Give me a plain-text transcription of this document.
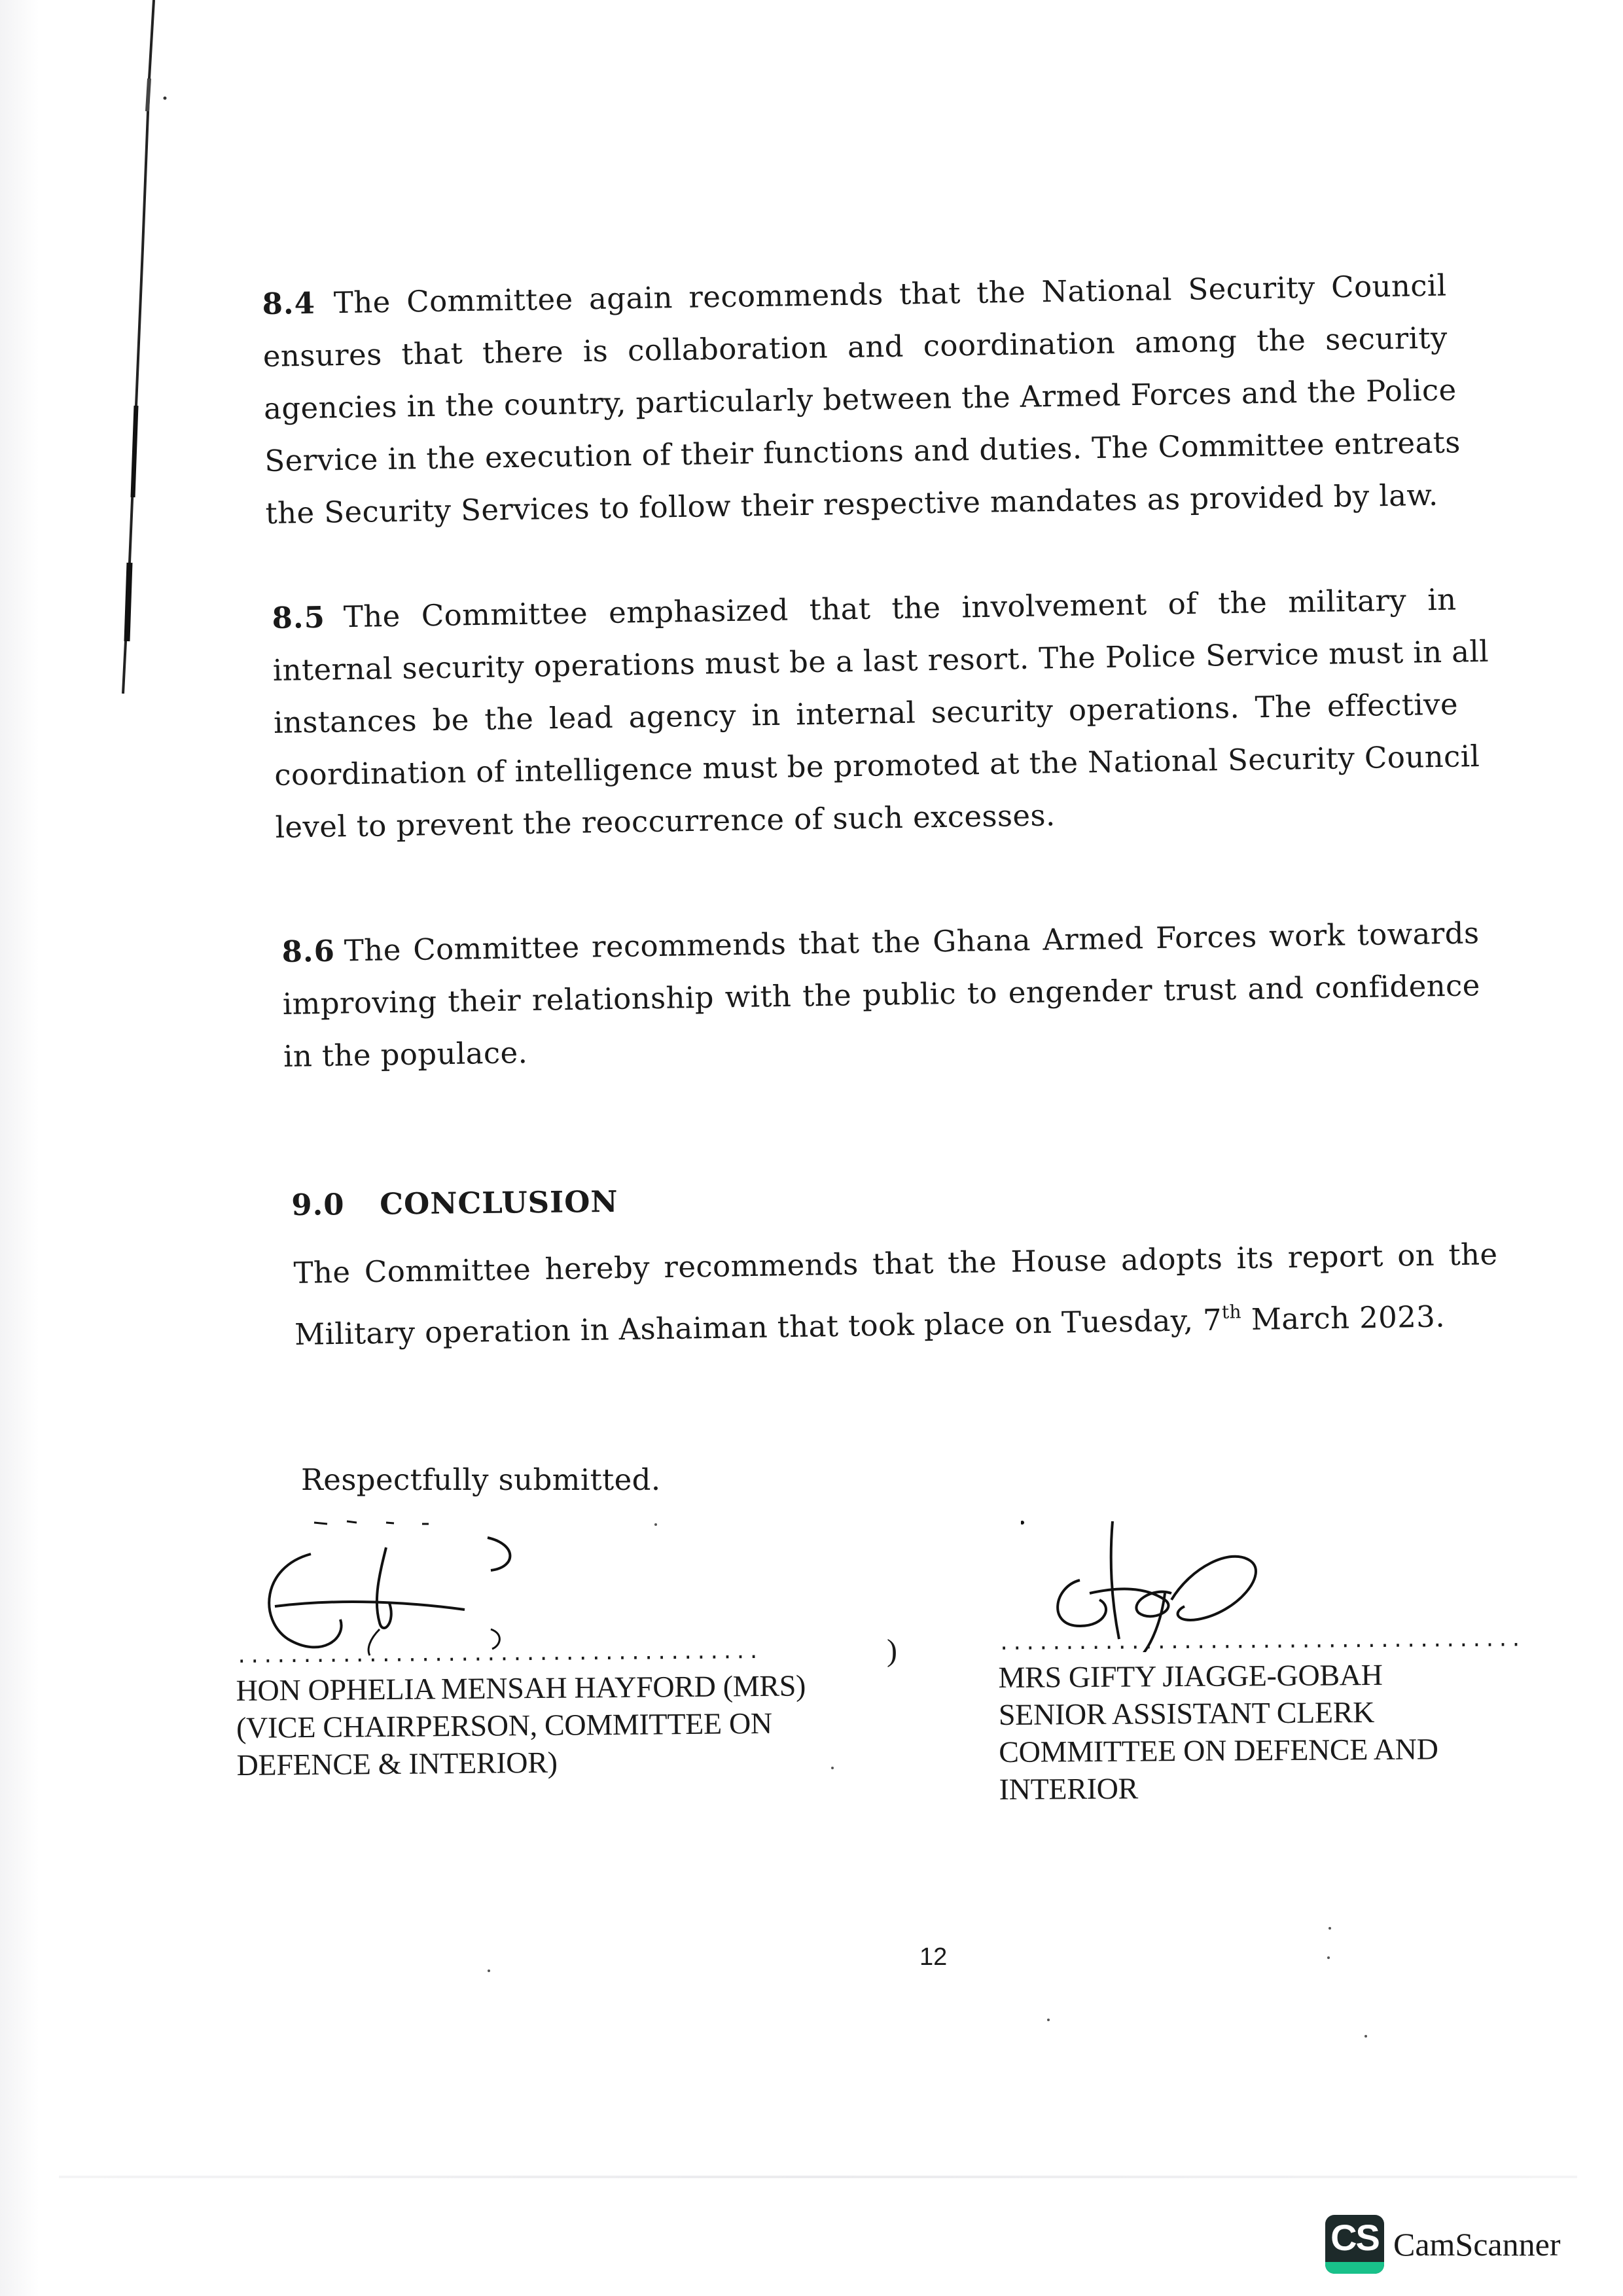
8.4 The Committee again recommends that the National Security Council
ensures that there is collaboration and coordination among the security
agencies in the country, particularly between the Armed Forces and the Police
Service in the execution of their functions and duties. The Committee entreats
the Security Services to follow their respective mandates as provided by law.
8.5 The Committee emphasized that the involvement of the military in
internal security operations must be a last resort. The Police Service must in all
instances be the lead agency in internal security operations. The effective
coordination of intelligence must be promoted at the National Security Council
level to prevent the reoccurrence of such excesses.
8.6 The Committee recommends that the Ghana Armed Forces work towards
improving their relationship with the public to engender trust and confidence
in the populace.
9.0 CONCLUSION
The Committee hereby recommends that the House adopts its report on the
Military operation in Ashaiman that took place on Tuesday, 7th March 2023.
Respectfully submitted.
........................................
HON OPHELIA MENSAH HAYFORD (MRS)
(VICE CHAIRPERSON, COMMITTEE ON
DEFENCE & INTERIOR)
)	........................................
MRS GIFTY JIAGGE-GOBAH
SENIOR ASSISTANT CLERK
COMMITTEE ON DEFENCE AND
INTERIOR
12
CS CamScanner
